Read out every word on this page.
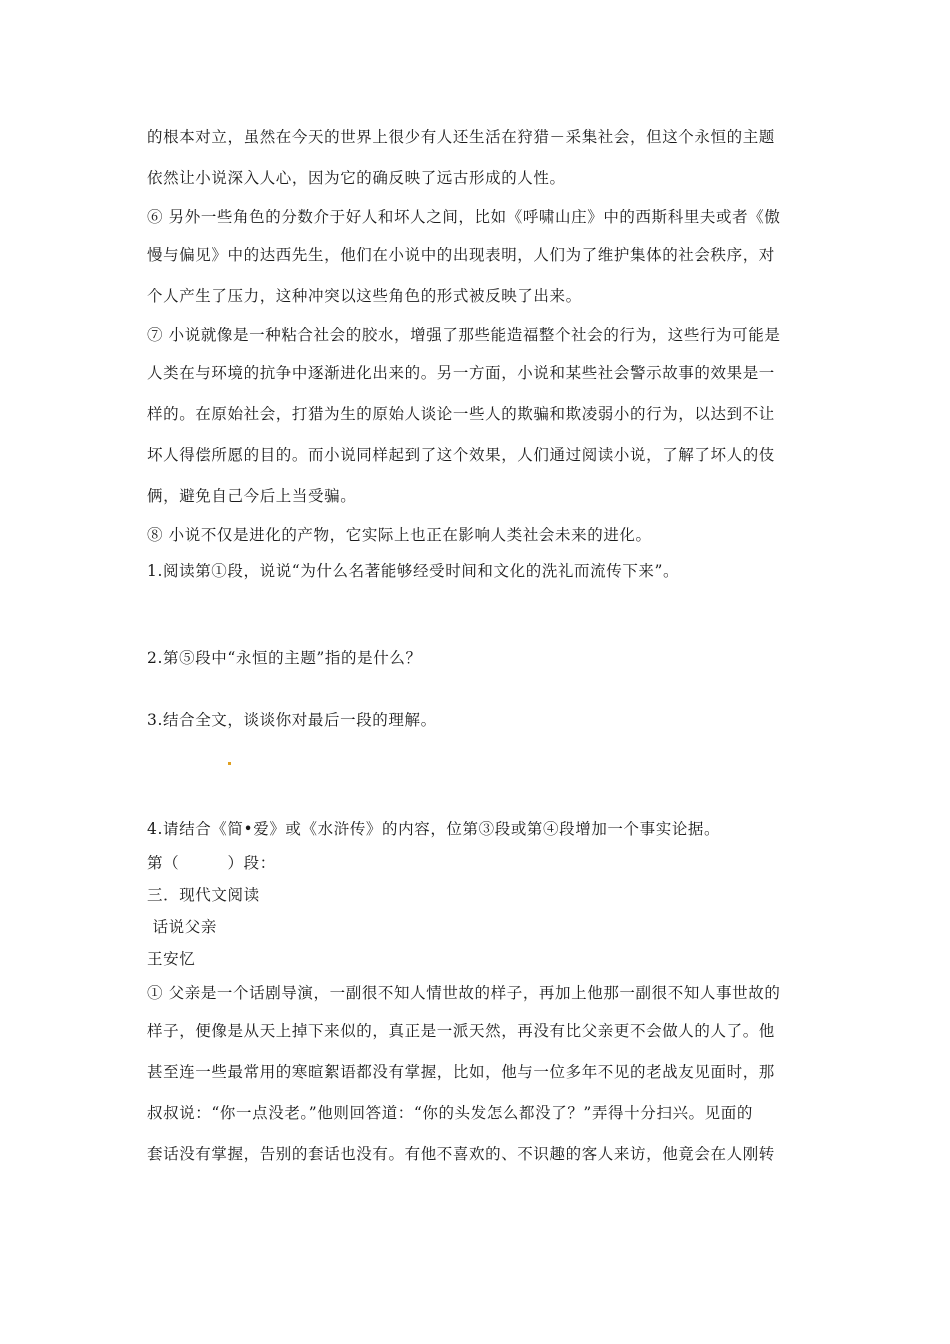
的根本对立，虽然在今天的世界上很少有人还生活在狩猎－采集社会，但这个永恒的主题
依然让小说深入人心，因为它的确反映了远古形成的人性。
⑥ 另外一些角色的分数介于好人和坏人之间，比如《呼啸山庄》中的西斯科里夫或者《傲
慢与偏见》中的达西先生，他们在小说中的出现表明，人们为了维护集体的社会秩序，对
个人产生了压力，这种冲突以这些角色的形式被反映了出来。
⑦ 小说就像是一种粘合社会的胶水，增强了那些能造福整个社会的行为，这些行为可能是
人类在与环境的抗争中逐渐进化出来的。另一方面，小说和某些社会警示故事的效果是一
样的。在原始社会，打猎为生的原始人谈论一些人的欺骗和欺凌弱小的行为，以达到不让
坏人得偿所愿的目的。而小说同样起到了这个效果，人们通过阅读小说，了解了坏人的伎
俩，避免自己今后上当受骗。
⑧ 小说不仅是进化的产物，它实际上也正在影响人类社会未来的进化。
1.阅读第①段，说说“为什么名著能够经受时间和文化的洗礼而流传下来”。
2.第⑤段中“永恒的主题”指的是什么？
3.结合全文，谈谈你对最后一段的理解。
4.请结合《简•爱》或《水浒传》的内容，位第③段或第④段增加一个事实论据。
第（　　　）段：
三．现代文阅读
话说父亲
王安忆
① 父亲是一个话剧导演，一副很不知人情世故的样子，再加上他那一副很不知人事世故的
样子，便像是从天上掉下来似的，真正是一派天然，再没有比父亲更不会做人的人了。他
甚至连一些最常用的寒暄絮语都没有掌握，比如，他与一位多年不见的老战友见面时，那
叔叔说：“你一点没老。”他则回答道：“你的头发怎么都没了？”弄得十分扫兴。见面的
套话没有掌握，告别的套话也没有。有他不喜欢的、不识趣的客人来访，他竟会在人刚转
